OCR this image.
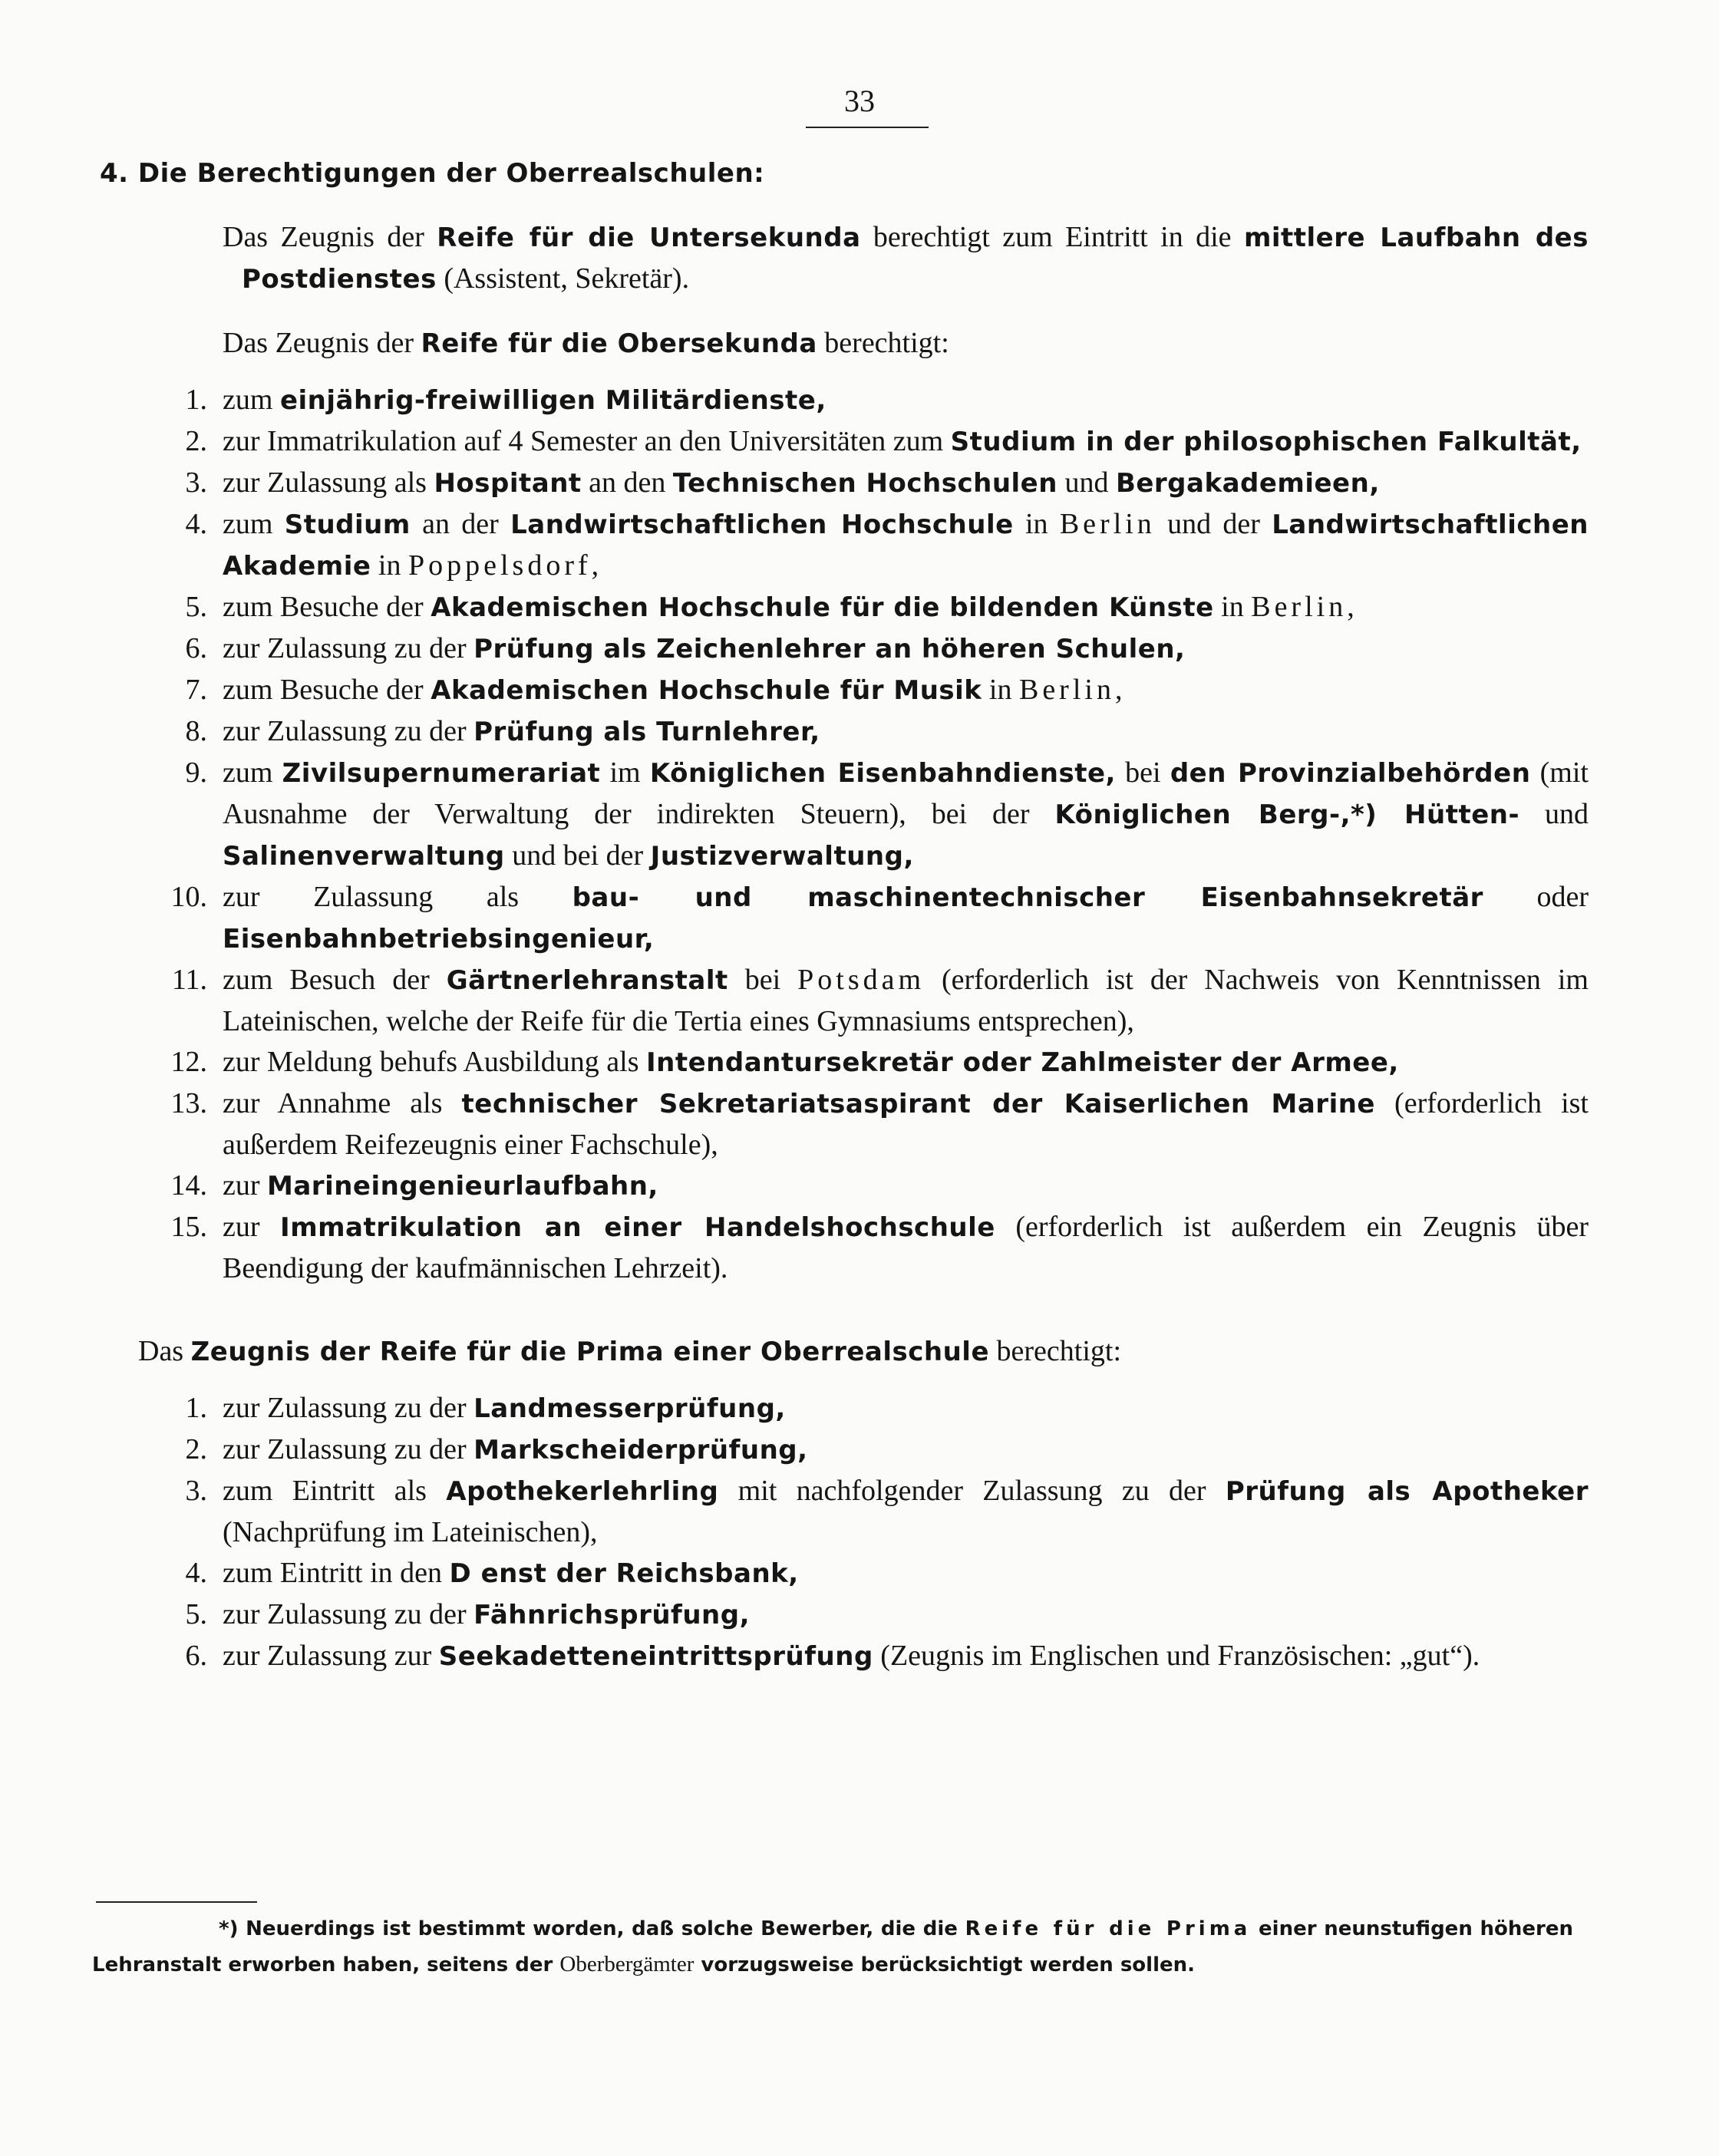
33
4. Die Berechtigungen der Oberrealschulen:

Das Zeugnis der Reife für die Untersekunda berechtigt zum Eintritt in die mittlere Laufbahn des Postdienstes (Assistent, Sekretär).

Das Zeugnis der Reife für die Obersekunda berechtigt:

1. zum einjährig-freiwilligen Militärdienste,
2. zur Immatrikulation auf 4 Semester an den Universitäten zum Studium in der philosophischen Falkultät,
3. zur Zulassung als Hospitant an den Technischen Hochschulen und Bergakademieen,
4. zum Studium an der Landwirtschaftlichen Hochschule in Berlin und der Landwirtschaftlichen Akademie in Poppelsdorf,
5. zum Besuche der Akademischen Hochschule für die bildenden Künste in Berlin,
6. zur Zulassung zu der Prüfung als Zeichenlehrer an höheren Schulen,
7. zum Besuche der Akademischen Hochschule für Musik in Berlin,
8. zur Zulassung zu der Prüfung als Turnlehrer,
9. zum Zivilsupernumerariat im Königlichen Eisenbahndienste, bei den Provinzialbehörden (mit Ausnahme der Verwaltung der indirekten Steuern), bei der Königlichen Berg-,*) Hütten- und Salinenverwaltung und bei der Justizverwaltung,
10. zur Zulassung als bau- und maschinentechnischer Eisenbahnsekretär oder Eisenbahnbetriebsingenieur,
11. zum Besuch der Gärtnerlehranstalt bei Potsdam (erforderlich ist der Nachweis von Kenntnissen im Lateinischen, welche der Reife für die Tertia eines Gymnasiums entsprechen),
12. zur Meldung behufs Ausbildung als Intendantursekretär oder Zahlmeister der Armee,
13. zur Annahme als technischer Sekretariatsaspirant der Kaiserlichen Marine (erforderlich ist außerdem Reifezeugnis einer Fachschule),
14. zur Marineingenieurlaufbahn,
15. zur Immatrikulation an einer Handelshochschule (erforderlich ist außerdem ein Zeugnis über Beendigung der kaufmännischen Lehrzeit).

Das Zeugnis der Reife für die Prima einer Oberrealschule berechtigt:

1. zur Zulassung zu der Landmesserprüfung,
2. zur Zulassung zu der Markscheiderprüfung,
3. zum Eintritt als Apothekerlehrling mit nachfolgender Zulassung zu der Prüfung als Apotheker (Nachprüfung im Lateinischen),
4. zum Eintritt in den D enst der Reichsbank,
5. zur Zulassung zu der Fähnrichsprüfung,
6. zur Zulassung zur Seekadetteneintrittsprüfung (Zeugnis im Englischen und Französischen: „gut“).
*) Neuerdings ist bestimmt worden, daß solche Bewerber, die die Reife für die Prima einer neunstufigen höheren Lehranstalt erworben haben, seitens der Oberbergämter vorzugsweise berücksichtigt werden sollen.
